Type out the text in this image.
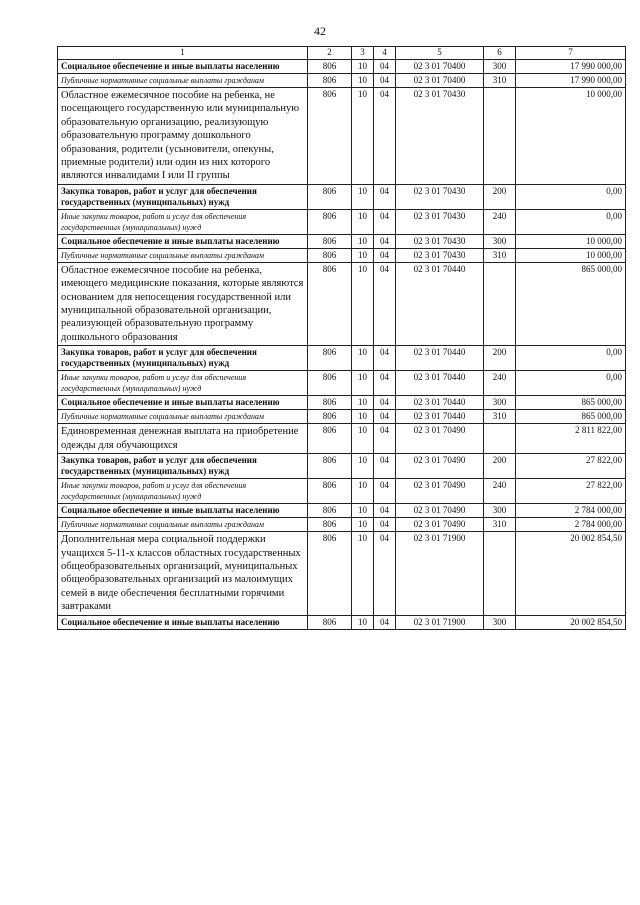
42
1	2	3	4	5	6	7
Социальное обеспечение и иные выплаты населению	806	10	04	02 3 01 70400	300	17 990 000,00
Публичные нормативные социальные выплаты гражданам	806	10	04	02 3 01 70400	310	17 990 000,00
Областное ежемесячное пособие на ребенка, не посещающего государственную или муниципальную образовательную организацию, реализующую образовательную программу дошкольного образования, родители (усыновители, опекуны, приемные родители) или один из них которого являются инвалидами I или II группы	806	10	04	02 3 01 70430		10 000,00
Закупка товаров, работ и услуг для обеспечения государственных (муниципальных) нужд	806	10	04	02 3 01 70430	200	0,00
Иные закупки товаров, работ и услуг для обеспечения государственных (муниципальных) нужд	806	10	04	02 3 01 70430	240	0,00
Социальное обеспечение и иные выплаты населению	806	10	04	02 3 01 70430	300	10 000,00
Публичные нормативные социальные выплаты гражданам	806	10	04	02 3 01 70430	310	10 000,00
Областное ежемесячное пособие на ребенка, имеющего медицинские показания, которые являются основанием для непосещения государственной или муниципальной образовательной организации, реализующей образовательную программу дошкольного образования	806	10	04	02 3 01 70440		865 000,00
Закупка товаров, работ и услуг для обеспечения государственных (муниципальных) нужд	806	10	04	02 3 01 70440	200	0,00
Иные закупки товаров, работ и услуг для обеспечения государственных (муниципальных) нужд	806	10	04	02 3 01 70440	240	0,00
Социальное обеспечение и иные выплаты населению	806	10	04	02 3 01 70440	300	865 000,00
Публичные нормативные социальные выплаты гражданам	806	10	04	02 3 01 70440	310	865 000,00
Единовременная денежная выплата на приобретение одежды для обучающихся	806	10	04	02 3 01 70490		2 811 822,00
Закупка товаров, работ и услуг для обеспечения государственных (муниципальных) нужд	806	10	04	02 3 01 70490	200	27 822,00
Иные закупки товаров, работ и услуг для обеспечения государственных (муниципальных) нужд	806	10	04	02 3 01 70490	240	27 822,00
Социальное обеспечение и иные выплаты населению	806	10	04	02 3 01 70490	300	2 784 000,00
Публичные нормативные социальные выплаты гражданам	806	10	04	02 3 01 70490	310	2 784 000,00
Дополнительная мера социальной поддержки учащихся 5-11-х классов областных государственных общеобразовательных организаций, муниципальных общеобразовательных организаций из малоимущих семей в виде обеспечения бесплатными горячими завтраками	806	10	04	02 3 01 71900		20 002 854,50
Социальное обеспечение и иные выплаты населению	806	10	04	02 3 01 71900	300	20 002 854,50
